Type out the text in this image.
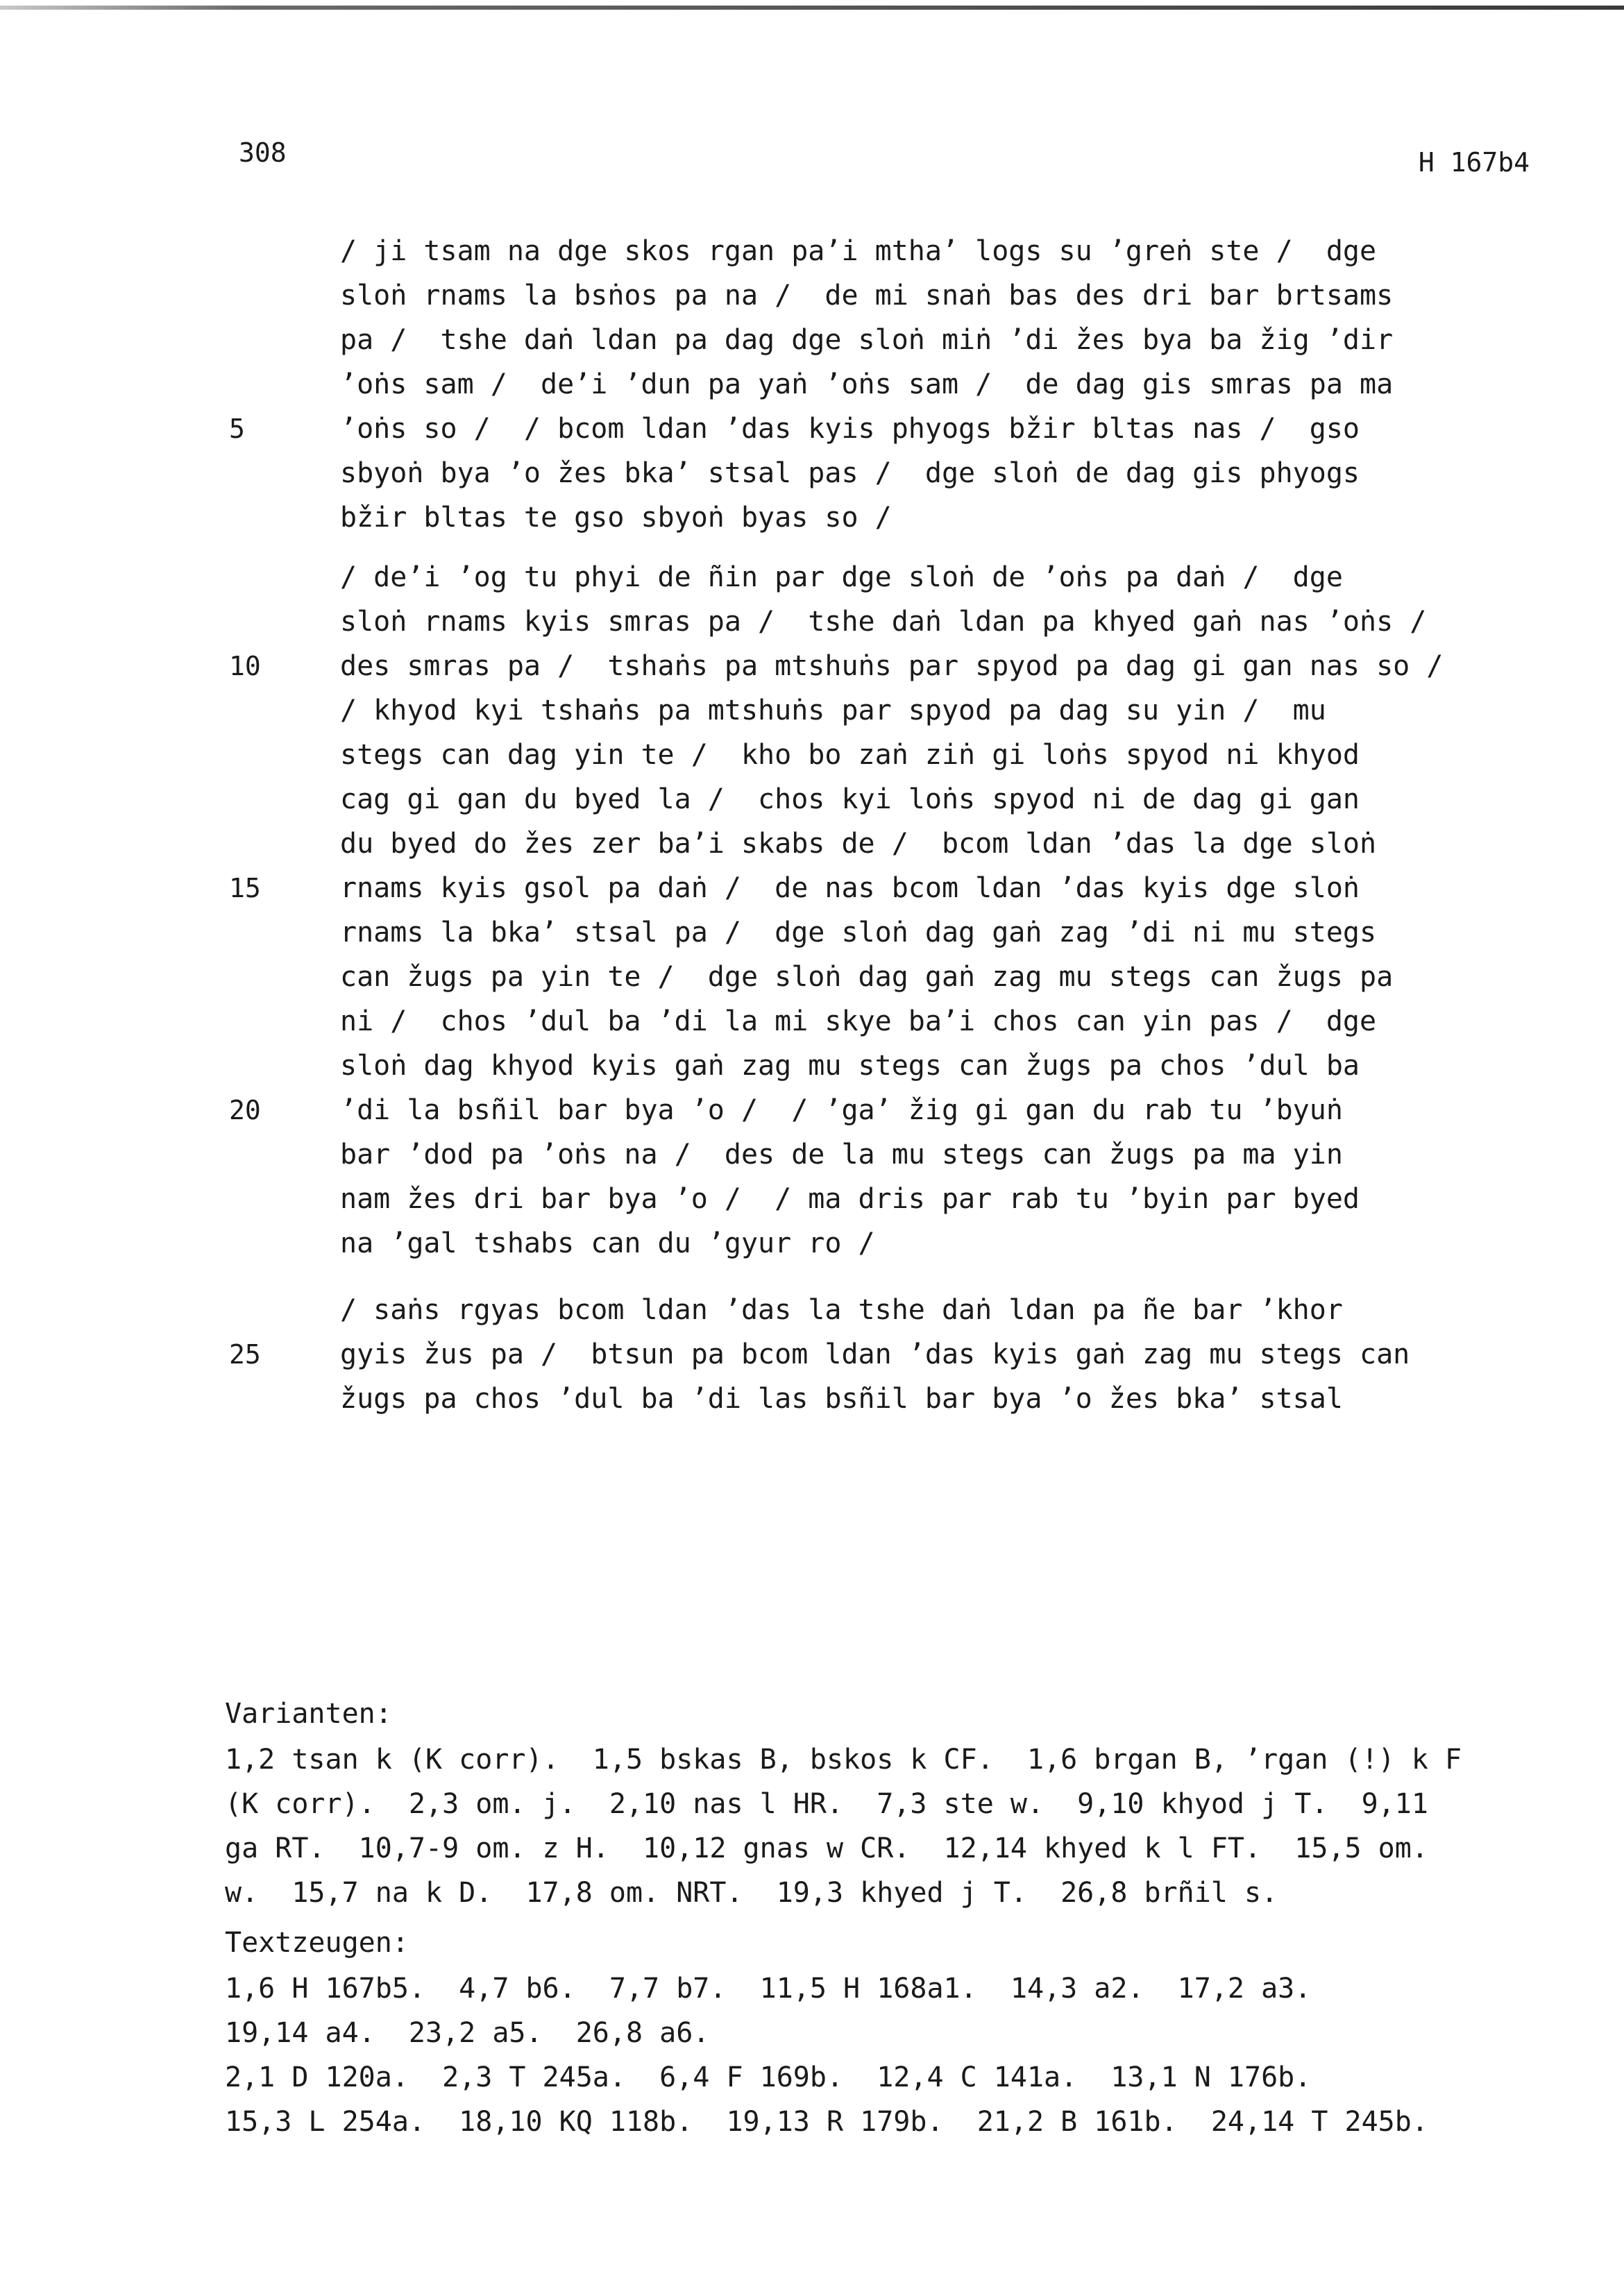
308	H 167b4
/ ji tsam na dge skos rgan pa’i mtha’ logs su ’greṅ ste /  dge
sloṅ rnams la bsṅos pa na /  de mi snaṅ bas des dri bar brtsams
pa /  tshe daṅ ldan pa dag dge sloṅ miṅ ’di žes bya ba žig ’dir
’oṅs sam /  de’i ’dun pa yaṅ ’oṅs sam /  de dag gis smras pa ma
5	’oṅs so /  / bcom ldan ’das kyis phyogs bžir bltas nas /  gso
sbyoṅ bya ’o žes bka’ stsal pas /  dge sloṅ de dag gis phyogs
bžir bltas te gso sbyoṅ byas so /
/ de’i ’og tu phyi de ñin par dge sloṅ de ’oṅs pa daṅ /  dge
sloṅ rnams kyis smras pa /  tshe daṅ ldan pa khyed gaṅ nas ’oṅs /
10	des smras pa /  tshaṅs pa mtshuṅs par spyod pa dag gi gan nas so /
/ khyod kyi tshaṅs pa mtshuṅs par spyod pa dag su yin /  mu
stegs can dag yin te /  kho bo zaṅ ziṅ gi loṅs spyod ni khyod
cag gi gan du byed la /  chos kyi loṅs spyod ni de dag gi gan
du byed do žes zer ba’i skabs de /  bcom ldan ’das la dge sloṅ
15	rnams kyis gsol pa daṅ /  de nas bcom ldan ’das kyis dge sloṅ
rnams la bka’ stsal pa /  dge sloṅ dag gaṅ zag ’di ni mu stegs
can žugs pa yin te /  dge sloṅ dag gaṅ zag mu stegs can žugs pa
ni /  chos ’dul ba ’di la mi skye ba’i chos can yin pas /  dge
sloṅ dag khyod kyis gaṅ zag mu stegs can žugs pa chos ’dul ba
20	’di la bsñil bar bya ’o /  / ’ga’ žig gi gan du rab tu ’byuṅ
bar ’dod pa ’oṅs na /  des de la mu stegs can žugs pa ma yin
nam žes dri bar bya ’o /  / ma dris par rab tu ’byin par byed
na ’gal tshabs can du ’gyur ro /
/ saṅs rgyas bcom ldan ’das la tshe daṅ ldan pa ñe bar ’khor
25	gyis žus pa /  btsun pa bcom ldan ’das kyis gaṅ zag mu stegs can
žugs pa chos ’dul ba ’di las bsñil bar bya ’o žes bka’ stsal
Varianten:
1,2 tsan k (K corr).  1,5 bskas B, bskos k CF.  1,6 brgan B, ’rgan (!) k F
(K corr).  2,3 om. j.  2,10 nas l HR.  7,3 ste w.  9,10 khyod j T.  9,11
ga RT.  10,7-9 om. z H.  10,12 gnas w CR.  12,14 khyed k l FT.  15,5 om.
w.  15,7 na k D.  17,8 om. NRT.  19,3 khyed j T.  26,8 brñil s.
Textzeugen:
1,6 H 167b5.  4,7 b6.  7,7 b7.  11,5 H 168a1.  14,3 a2.  17,2 a3.
19,14 a4.  23,2 a5.  26,8 a6.
2,1 D 120a.  2,3 T 245a.  6,4 F 169b.  12,4 C 141a.  13,1 N 176b.
15,3 L 254a.  18,10 KQ 118b.  19,13 R 179b.  21,2 B 161b.  24,14 T 245b.
